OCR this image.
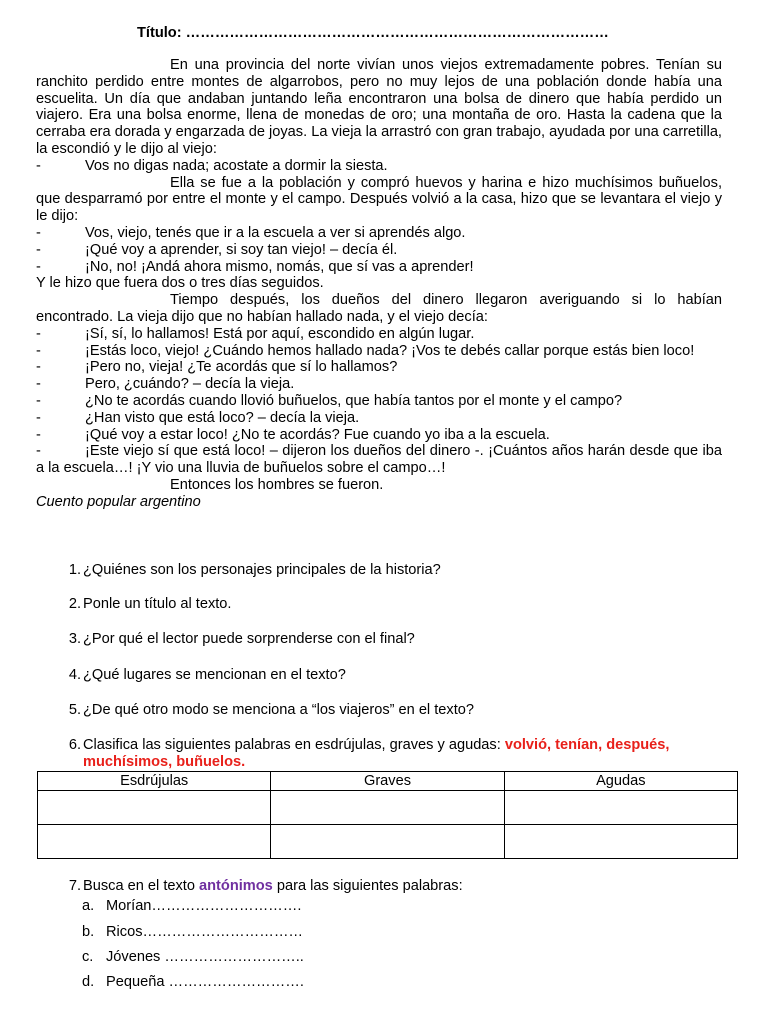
Título: ……………………………………………………………………………

En una provincia del norte vivían unos viejos extremadamente pobres. Tenían su ranchito perdido entre montes de algarrobos, pero no muy lejos de una población donde había una escuelita. Un día que andaban juntando leña encontraron una bolsa de dinero que había perdido un viajero. Era una bolsa enorme, llena de monedas de oro; una montaña de oro. Hasta la cadena que la cerraba era dorada y engarzada de joyas. La vieja la arrastró con gran trabajo, ayudada por una carretilla, la escondió y le dijo al viejo:

-	Vos no digas nada; acostate a dormir la siesta.

Ella se fue a la población y compró huevos y harina e hizo muchísimos buñuelos, que desparramó por entre el monte y el campo. Después volvió a la casa, hizo que se levantara el viejo y le dijo:

-	Vos, viejo, tenés que ir a la escuela a ver si aprendés algo.

-	¡Qué voy a aprender, si soy tan viejo! – decía él.

-	¡No, no! ¡Andá ahora mismo, nomás, que sí vas a aprender!

Y le hizo que fuera dos o tres días seguidos.

Tiempo después, los dueños del dinero llegaron averiguando si lo habían encontrado. La vieja dijo que no habían hallado nada, y el viejo decía:

-	¡Sí, sí, lo hallamos! Está por aquí, escondido en algún lugar.

-	¡Estás loco, viejo! ¿Cuándo hemos hallado nada? ¡Vos te debés callar porque estás bien loco!

-	¡Pero no, vieja! ¿Te acordás que sí lo hallamos?

-	Pero, ¿cuándo? – decía la vieja.

-	¿No te acordás cuando llovió buñuelos, que había tantos por el monte y el campo?

-	¿Han visto que está loco? – decía la vieja.

-	¡Qué voy a estar loco! ¿No te acordás? Fue cuando yo iba a la escuela.

-	¡Este viejo sí que está loco! – dijeron los dueños del dinero -. ¡Cuántos años harán desde que iba a la escuela…! ¡Y vio una lluvia de buñuelos sobre el campo…!

Entonces los hombres se fueron.

Cuento popular argentino

1. ¿Quiénes son los personajes principales de la historia?
2. Ponle un título al texto.
3. ¿Por qué el lector puede sorprenderse con el final?
4. ¿Qué lugares se mencionan en el texto?
5. ¿De qué otro modo se menciona a “los viajeros” en el texto?
6. Clasifica las siguientes palabras en esdrújulas, graves y agudas: volvió, tenían, después,
muchísimos, buñuelos.
7. Busca en el texto antónimos para las siguientes palabras:
Esdrújulas	Graves	Agudas

a. Morían………………………….
b. Ricos……………………………
c. Jóvenes ………………………..
d. Pequeña ……………………….
